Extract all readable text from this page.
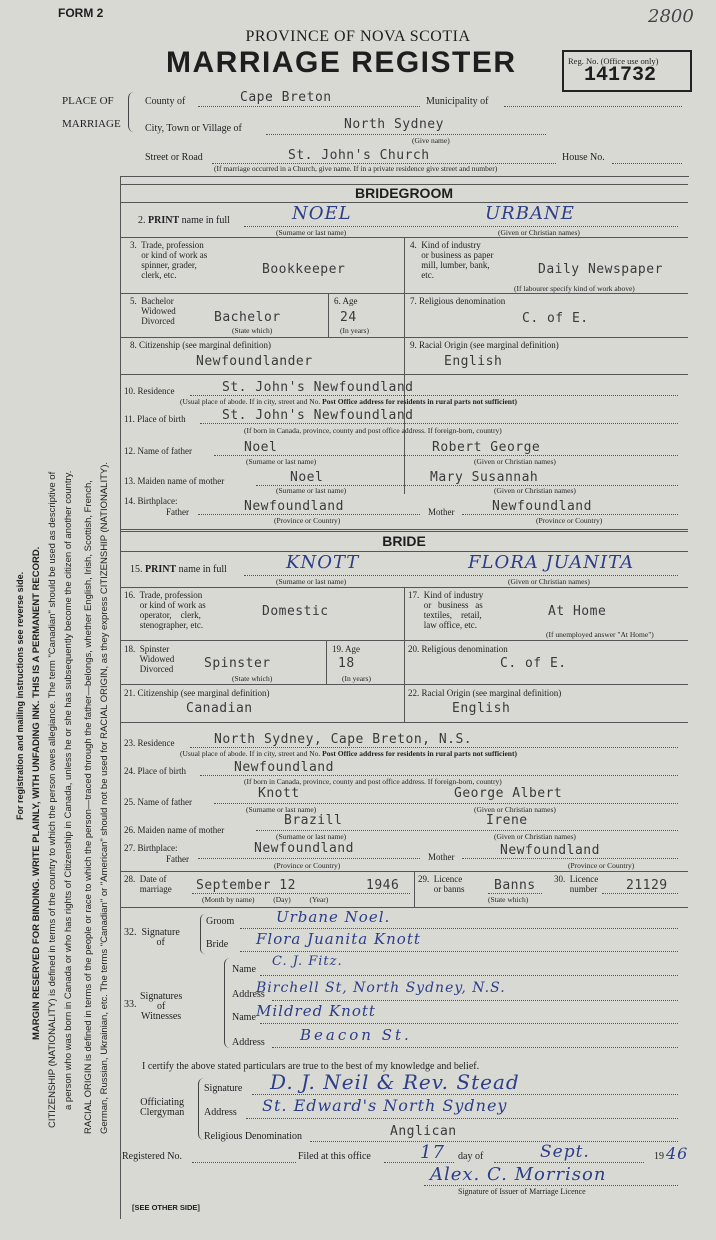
For registration and mailing instructions see reverse side. MARGIN RESERVED FOR BINDING. WRITE PLAINLY, WITH UNFADING INK. THIS IS A PERMANENT RECORD. CITIZENSHIP (NATIONALITY) is defined in terms of the country to which the person owes allegiance. The term "Canadian" should be used as descriptive of a person who was born in Canada or who has rights of Citizenship in Canada, unless he or she has subsequently become the citizen of another country. RACIAL ORIGIN is defined in terms of the people or race to which the person—traced through the father—belongs, whether English, Irish, Scottish, French, German, Russian, Ukrainian, etc. The terms "Canadian" or "American" should not be used for RACIAL ORIGIN, as they express CITIZENSHIP (NATIONALITY).
FORM 2	2800
PROVINCE OF NOVA SCOTIA
MARRIAGE REGISTER	Reg. No. (Office use only)
141732
PLACE OF
MARRIAGE
County of	Cape Breton	Municipality of
City, Town or Village of	North Sydney
(Give name)
Street or Road	St. John's Church	House No.
(If marriage occurred in a Church, give name. If in a private residence give street and number)
BRIDEGROOM
2. PRINT name in full	NOEL	URBANE
(Surname or last name)	(Given or Christian names)
3.  Trade, profession
or kind of work as
spinner, grader,
clerk, etc.	Bookkeeper
4.  Kind of industry
or business as paper
mill, lumber, bank,
etc.	Daily Newspaper
(If labourer specify kind of work above)
5.  Bachelor
Widowed
Divorced	Bachelor
(State which)
6. Age
24
(In years)
7. Religious denomination
C. of E.
8. Citizenship (see marginal definition)
Newfoundlander
9. Racial Origin (see marginal definition)
English
10. Residence	St. John's Newfoundland
(Usual place of abode. If in city, street and No. Post Office address for residents in rural parts not sufficient)
11. Place of birth	St. John's Newfoundland
(If born in Canada, province, county and post office address. If foreign-born, country)
12. Name of father	Noel	Robert George
(Surname or last name)	(Given or Christian names)
13. Maiden name of mother	Noel	Mary Susannah
(Surname or last name)	(Given or Christian names)
14. Birthplace:
Father	Newfoundland	Mother	Newfoundland
(Province or Country)	(Province or Country)
BRIDE
15. PRINT name in full	KNOTT	FLORA JUANITA
(Surname or last name)	(Given or Christian names)
16.  Trade, profession
or kind of work as
operator,    clerk,
stenographer, etc.
Domestic
17.  Kind of industry
or   business   as
textiles,    retail,
law office, etc.
At Home
(If unemployed answer "At Home")
18.  Spinster
Widowed
Divorced Spinster
(State which)
19. Age
18
(In years)
20. Religious denomination
C. of E.
21. Citizenship (see marginal definition)
Canadian
22. Racial Origin (see marginal definition)
English
23. Residence	North Sydney, Cape Breton, N.S.
(Usual place of abode. If in city, street and No. Post Office address for residents in rural parts not sufficient)
24. Place of birth	Newfoundland
(If born in Canada, province, county and post office address. If foreign-born, country)
25. Name of father
Knott	George Albert
(Surname or last name)	(Given or Christian names)
26. Maiden name of mother
Brazill	Irene
(Surname or last name)	(Given or Christian names)
27. Birthplace:
Father
Newfoundland
Mother	Newfoundland
(Province or Country)	(Province or Country)
28.  Date of
marriage September 12	1946
(Month by name)          (Day)          (Year)
29.  Licence
or banns Banns
(State which)
30.  Licence
number 21129
32.  Signature
of
Groom	Urbane Noel.
Bride Flora Juanita Knott
33.
Signatures
of
Witnesses
Name
C. J. Fitz.
Address
Birchell St, North Sydney, N.S.
Name Mildred Knott
Address Beacon St.
I certify the above stated particulars are true to the best of my knowledge and belief.
Officiating
Clergyman
Signature D. J. Neil & Rev. Stead
Address St. Edward's North Sydney
Religious Denomination	Anglican
Registered No.	Filed at this office	17 day of	Sept.	19 46
Alex. C. Morrison
Signature of Issuer of Marriage Licence
[SEE OTHER SIDE]
